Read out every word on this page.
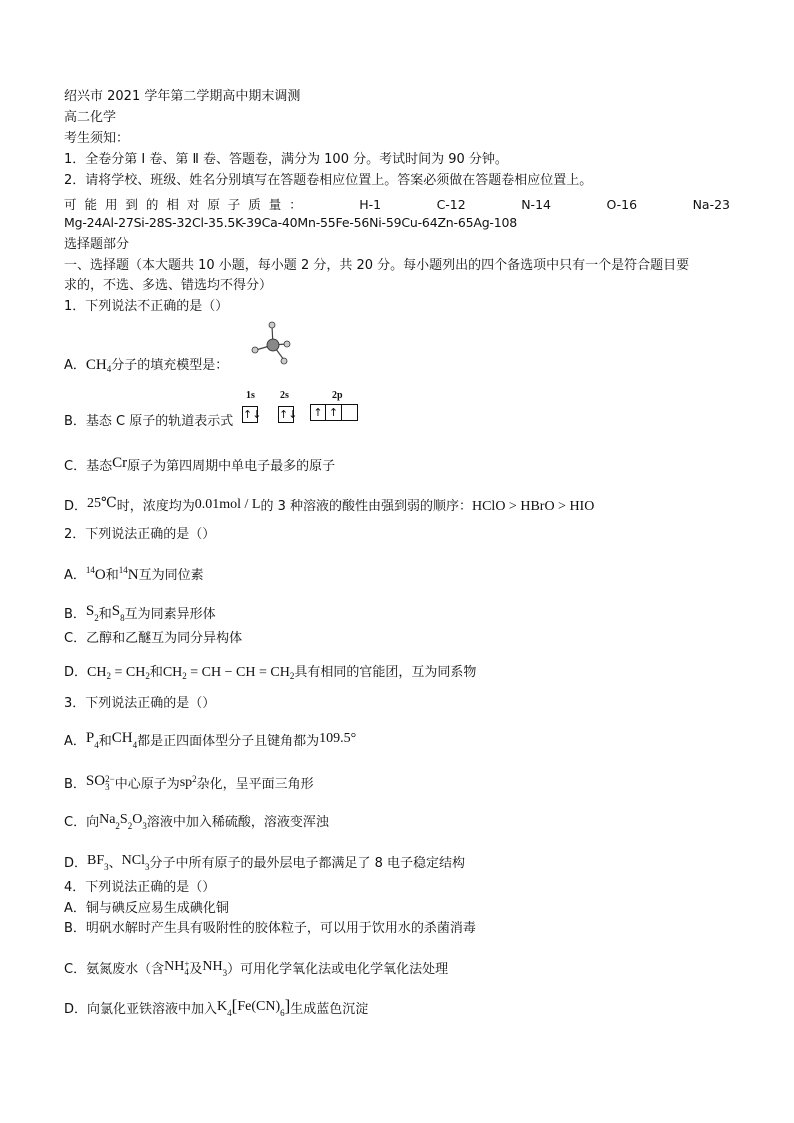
绍兴市 2021 学年第二学期高中期末调测
高二化学
考生须知：
1．全卷分第 Ⅰ 卷、第 Ⅱ 卷、答题卷，满分为 100 分。考试时间为 90 分钟。
2．请将学校、班级、姓名分别填写在答题卷相应位置上。答案必须做在答题卷相应位置上。
可 能 用 到 的 相 对 原 子 质 量 ：	H-1	C-12	N-14	O-16	Na-23
Mg-24Al-27Si-28S-32Cl-35.5K-39Ca-40Mn-55Fe-56Ni-59Cu-64Zn-65Ag-108
选择题部分
一、选择题（本大题共 10 小题，每小题 2 分，共 20 分。每小题列出的四个备选项中只有一个是符合题目要
求的，不选、多选、错选均不得分）
1．下列说法不正确的是（）
A．$CH_4$分子的填充模型是：
1s	2s	2p
↑↓ ↑↓	↑ ↑
B．基态 C 原子的轨道表示式
C．基态Cr原子为第四周期中单电子最多的原子
D．25℃时，浓度均为0.01mol / L的 3 种溶液的酸性由强到弱的顺序：HClO > HBrO > HIO
2．下列说法正确的是（）
A．$^{14}$O和$^{14}$N互为同位素
B．$S_2$和$S_8$互为同素异形体
C．乙醇和乙醚互为同分异构体
D．$CH_2 = CH_2$和$CH_2$ = CH − CH = $CH_2$具有相同的官能团，互为同系物
3．下列说法正确的是（）
A．$P_4$和$CH_4$都是正四面体型分子且键角都为109.5°
B．SO 2−
3 中心原子为$sp^2$杂化，呈平面三角形
C．向$Na_2S_2O_3$溶液中加入稀硫酸，溶液变浑浊
D．$BF_3$、NCl$_3$分子中所有原子的最外层电子都满足了 8 电子稳定结构
4．下列说法正确的是（）
A．铜与碘反应易生成碘化铜
B．明矾水解时产生具有吸附性的胶体粒子，可以用于饮用水的杀菌消毒
C．氨氮废水（含NH +
4 及$NH_3$）可用化学氧化法或电化学氧化法处理
D．向氯化亚铁溶液中加入$K_4[Fe(CN)_6]$生成蓝色沉淀
